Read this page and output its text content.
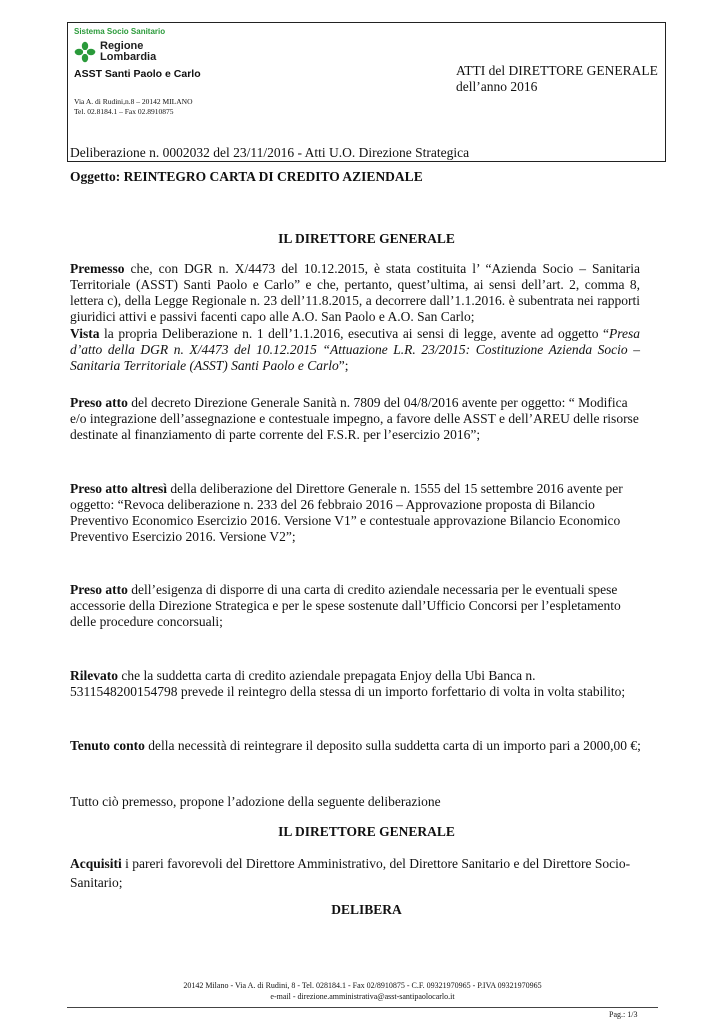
Sistema Socio Sanitario
Regione
Lombardia
ASST Santi Paolo e Carlo
Via A. di Rudini,n.8 – 20142 MILANO
Tel. 02.8184.1 – Fax 02.8910875
ATTI del DIRETTORE GENERALE
dell’anno 2016
Deliberazione n. 0002032 del 23/11/2016 - Atti U.O. Direzione Strategica
Oggetto: REINTEGRO CARTA DI CREDITO AZIENDALE
IL DIRETTORE GENERALE
Premesso che, con DGR n. X/4473 del 10.12.2015, è stata costituita l’ “Azienda Socio – Sanitaria Territoriale (ASST) Santi Paolo e Carlo” e che, pertanto, quest’ultima, ai sensi dell’art. 2, comma 8, lettera c), della Legge Regionale n. 23 dell’11.8.2015, a decorrere dall’1.1.2016. è subentrata nei rapporti giuridici attivi e passivi facenti capo alle A.O. San Paolo e A.O. San Carlo;
Vista la propria Deliberazione n. 1 dell’1.1.2016, esecutiva ai sensi di legge, avente ad oggetto “Presa d’atto della DGR n. X/4473 del 10.12.2015 “Attuazione L.R. 23/2015: Costituzione Azienda Socio – Sanitaria Territoriale (ASST) Santi Paolo e Carlo”;
Preso atto del decreto Direzione Generale Sanità n. 7809 del 04/8/2016 avente per oggetto: “ Modifica e/o integrazione dell’assegnazione e contestuale impegno, a favore delle ASST e dell’AREU delle risorse destinate al finanziamento di parte corrente del F.S.R. per l’esercizio 2016”;
Preso atto altresì della deliberazione del Direttore Generale n. 1555 del 15 settembre 2016 avente per oggetto: “Revoca deliberazione n. 233 del 26 febbraio 2016 – Approvazione proposta di Bilancio Preventivo Economico Esercizio 2016. Versione V1” e contestuale approvazione Bilancio Economico Preventivo Esercizio 2016. Versione V2”;
Preso atto dell’esigenza di disporre di una carta di credito aziendale necessaria per le eventuali spese accessorie della Direzione Strategica e per le spese sostenute dall’Ufficio Concorsi per l’espletamento delle procedure concorsuali;
Rilevato che la suddetta carta di credito aziendale prepagata Enjoy della Ubi Banca n. 5311548200154798 prevede il reintegro della stessa di un importo forfettario di volta in volta stabilito;
Tenuto conto della necessità di reintegrare il deposito sulla suddetta carta di un importo pari a 2000,00 €;
Tutto ciò premesso, propone l’adozione della seguente deliberazione
IL DIRETTORE GENERALE
Acquisiti i pareri favorevoli del Direttore Amministrativo, del Direttore Sanitario e del Direttore Socio-Sanitario;
DELIBERA
20142 Milano - Via A. di Rudini, 8 - Tel. 028184.1 - Fax 02/8910875 - C.F. 09321970965 - P.IVA 09321970965
e-mail - direzione.amministrativa@asst-santipaolocarlo.it
Pag.: 1/3
